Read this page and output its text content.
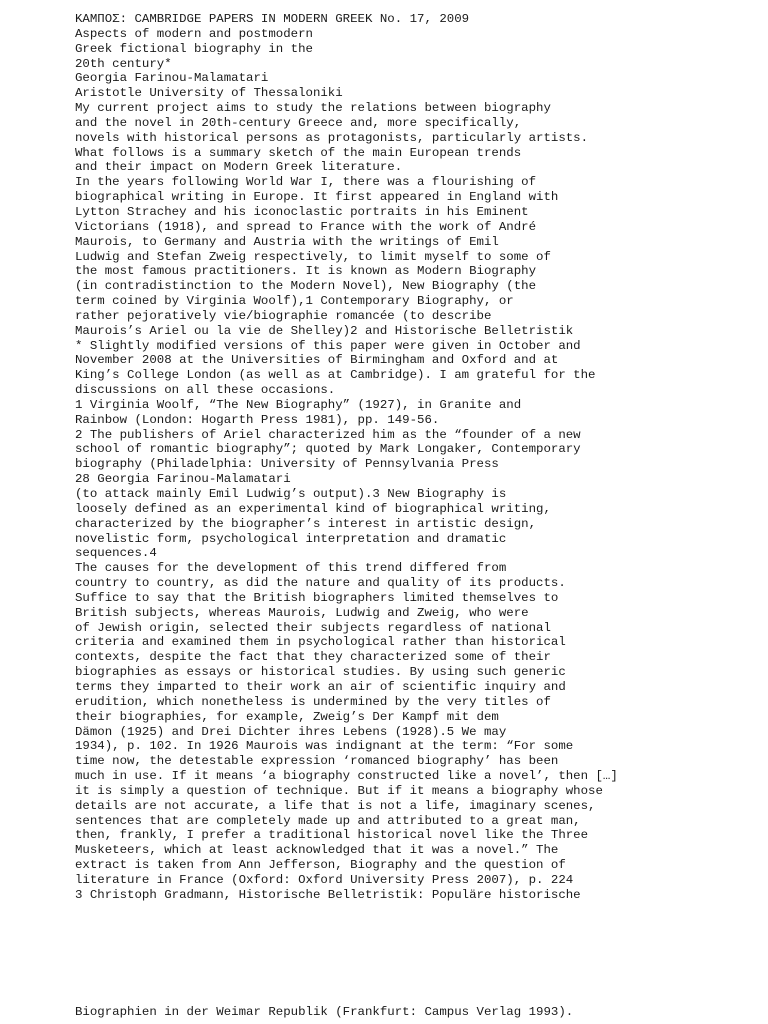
ΚΑΜΠΟΣ: CAMBRIDGE PAPERS IN MODERN GREEK No. 17, 2009
Aspects of modern and postmodern
Greek fictional biography in the
20th century*
Georgia Farinou-Malamatari
Aristotle University of Thessaloniki
My current project aims to study the relations between biography
and the novel in 20th-century Greece and, more specifically,
novels with historical persons as protagonists, particularly artists.
What follows is a summary sketch of the main European trends
and their impact on Modern Greek literature.
In the years following World War I, there was a flourishing of
biographical writing in Europe. It first appeared in England with
Lytton Strachey and his iconoclastic portraits in his Eminent
Victorians (1918), and spread to France with the work of André
Maurois, to Germany and Austria with the writings of Emil
Ludwig and Stefan Zweig respectively, to limit myself to some of
the most famous practitioners. It is known as Modern Biography
(in contradistinction to the Modern Novel), New Biography (the
term coined by Virginia Woolf),1 Contemporary Biography, or
rather pejoratively vie/biographie romancée (to describe
Maurois’s Ariel ou la vie de Shelley)2 and Historische Belletristik
* Slightly modified versions of this paper were given in October and
November 2008 at the Universities of Birmingham and Oxford and at
King’s College London (as well as at Cambridge). I am grateful for the
discussions on all these occasions.
1 Virginia Woolf, “The New Biography” (1927), in Granite and
Rainbow (London: Hogarth Press 1981), pp. 149-56.
2 The publishers of Ariel characterized him as the “founder of a new
school of romantic biography”; quoted by Mark Longaker, Contemporary
biography (Philadelphia: University of Pennsylvania Press
28 Georgia Farinou-Malamatari
(to attack mainly Emil Ludwig’s output).3 New Biography is
loosely defined as an experimental kind of biographical writing,
characterized by the biographer’s interest in artistic design,
novelistic form, psychological interpretation and dramatic
sequences.4
The causes for the development of this trend differed from
country to country, as did the nature and quality of its products.
Suffice to say that the British biographers limited themselves to
British subjects, whereas Maurois, Ludwig and Zweig, who were
of Jewish origin, selected their subjects regardless of national
criteria and examined them in psychological rather than historical
contexts, despite the fact that they characterized some of their
biographies as essays or historical studies. By using such generic
terms they imparted to their work an air of scientific inquiry and
erudition, which nonetheless is undermined by the very titles of
their biographies, for example, Zweig’s Der Kampf mit dem
Dämon (1925) and Drei Dichter ihres Lebens (1928).5 We may
1934), p. 102. In 1926 Maurois was indignant at the term: “For some
time now, the detestable expression ‘romanced biography’ has been
much in use. If it means ‘a biography constructed like a novel’, then […]
it is simply a question of technique. But if it means a biography whose
details are not accurate, a life that is not a life, imaginary scenes,
sentences that are completely made up and attributed to a great man,
then, frankly, I prefer a traditional historical novel like the Three
Musketeers, which at least acknowledged that it was a novel.” The
extract is taken from Ann Jefferson, Biography and the question of
literature in France (Oxford: Oxford University Press 2007), p. 224
3 Christoph Gradmann, Historische Belletristik: Populäre historische
Biographien in der Weimar Republik (Frankfurt: Campus Verlag 1993).
